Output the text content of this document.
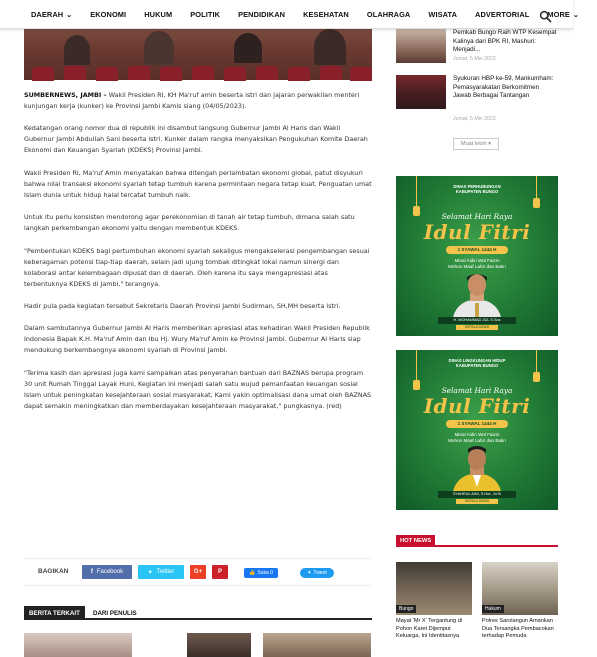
DAERAH ⌄ EKONOMI HUKUM POLITIK PENDIDIKAN KESEHATAN OLAHRAGA WISATA ADVERTORIAL MORE ⌄

SUMBERNEWS, JAMBI – Wakil Presiden RI, KH Ma'ruf amin beserta istri dan jajaran perwakilan menteri kunjungan kerja (kunker) ke Provinsi Jambi Kamis siang (04/05/2023).

Kedatangan orang nomor dua di republik ini disambut langsung Gubernur Jambi Al Haris dan Wakil Gubernur Jambi Abdullah Sani beserta istri. Kunker dalam rangka menyaksikan Pengukuhan Komite Daerah Ekonomi dan Keuangan Syariah (KDEKS) Provinsi Jambi.

Wakil Presiden RI, Ma'ruf Amin menyatakan bahwa ditengah perlambatan ekonomi global, patut disyukuri bahwa nilai transaksi ekonomi syariah tetap tumbuh karena permintaan negara tetap kuat. Penguatan umat Islam dunia untuk hidup halal tercatat tumbuh naik.

Untuk itu perlu konsisten mendorong agar perekonomian di tanah air tetap tumbuh, dimana salah satu langkah perkembangan ekonomi yaitu dengan membentuk KDEKS.

"Pembentukan KDEKS bagi pertumbuhan ekonomi syariah sekaligus mengakselerasi pengembangan sesuai keberagaman potensi tiap-tiap daerah, selain jadi ujung tombak ditingkat lokal namun sinergi dan kolaborasi antar kelembagaan dipusat dan di daerah. Oleh karena itu saya mengapresiasi atas terbentuknya KDEKS di Jambi," terangnya.

Hadir pula pada kegiatan tersebut Sekretaris Daerah Provinsi Jambi Sudirman, SH,MH beserta istri.

Dalam sambutannya Gubernur Jambi Al Haris memberikan apresiasi atas kehadiran Wakil Presiden Republik Indonesia Bapak K.H. Ma'ruf Amin dan Ibu Hj. Wury Ma'ruf Amin ke Provinsi Jambi. Gubernur Al Haris siap mendukung berkembangnya ekonomi syariah di Provinsi Jambi.

"Terima kasih dan apresiasi juga kami sampaikan atas penyerahan bantuan dari BAZNAS berupa program 30 unit Rumah Tinggal Layak Huni, Kegiatan ini menjadi salah satu wujud pemanfaatan keuangan sosial Islam untuk peningkatan kesejahteraan sosial masyarakat, Kami yakin optimalisasi dana umat oleh BAZNAS dapat semakin meningkatkan dan memberdayakan kesejahteraan masyarakat," pungkasnya. (red)

BAGIKAN	f Facebook	✦ Twitter	G+	P	👍 Suka 0	✦ Tweet
BERITA TERKAIT	DARI PENULIS
Pemkab Bungo Raih WTP Kesempat Kalinya dari BPK RI, Mashuri: Menjadi...
Jumat, 5 Mei 2023
Syukuran HBP ke-59, Mankumham: Pemasyarakatan Berkomitmen Jawab Berbagai Tantangan
Jumat, 5 Mei 2023
Muat lebih ▾
DINAS PERHUBUNGAN
KABUPATEN BUNGO
Selamat Hari Raya
Idul Fitri
1 SYAWAL 1444 H
Minal Aidin Wal Faizin
Mohon Maaf Lahir dan Batin
H. MOHAMMAD ZUL S.Sos
KEPALA DINAS
DINAS LINGKUNGAN HIDUP
KABUPATEN BUNGO
Selamat Hari Raya
Idul Fitri
1 SYAWAL 1444 H
Minal Aidin Wal Faizin
Mohon Maaf Lahir dan Batin
SYAHRUL AINI, S.Hut., M.Si
KEPALA DINAS
HOT NEWS
Bungo
Mayat 'Mr X' Tergantung di Pohon Karet Dijemput Keluarga, Ini Identitasnya
Hukum
Polres Sarolangun Amankan Dua Tersangka Pembacokan terhadap Pemuda
